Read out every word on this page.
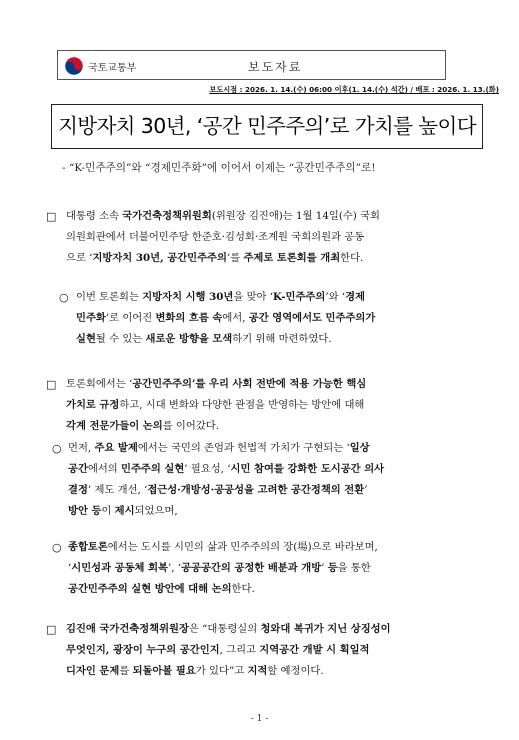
국토교통부	보도자료
보도시점 : 2026. 1. 14.(수) 06:00 이후(1. 14.(수) 석간) / 배포 : 2026. 1. 13.(화)
지방자치 30년, ‘공간 민주주의’로 가치를 높이다
- “K-민주주의”와 “경제민주화”에 이어서 이제는 “공간민주주의”로!
□ 대통령 소속 국가건축정책위원회(위원장 김진애)는 1월 14일(수) 국회
의원회관에서 더불어민주당 한준호·김성회·조계원 국회의원과 공동
으로 ‘지방자치 30년, 공간민주주의’를 주제로 토론회를 개최한다.
○ 이번 토론회는 지방자치 시행 30년을 맞아 ‘K-민주주의’와 ‘경제
민주화’로 이어진 변화의 흐름 속에서, 공간 영역에서도 민주주의가
실현될 수 있는 새로운 방향을 모색하기 위해 마련하였다.
□ 토론회에서는 ‘공간민주주의’를 우리 사회 전반에 적용 가능한 핵심
가치로 규정하고, 시대 변화와 다양한 관점을 반영하는 방안에 대해
각계 전문가들이 논의를 이어갔다.
○ 먼저, 주요 발제에서는 국민의 존엄과 헌법적 가치가 구현되는 ‘일상
공간에서의 민주주의 실현’ 필요성, ‘시민 참여를 강화한 도시공간 의사
결정’ 제도 개선, ‘접근성·개방성·공공성을 고려한 공간정책의 전환’
방안 등이 제시되었으며,
○ 종합토론에서는 도시를 시민의 삶과 민주주의의 장(場)으로 바라보며,
‘시민성과 공동체 회복’, ‘공공공간의 공정한 배분과 개방’ 등을 통한
공간민주주의 실현 방안에 대해 논의한다.
□ 김진애 국가건축정책위원장은 “대통령실의 청와대 복귀가 지닌 상징성이
무엇인지, 광장이 누구의 공간인지, 그리고 지역공간 개발 시 획일적
디자인 문제를 되돌아볼 필요가 있다”고 지적할 예정이다.
- 1 -
